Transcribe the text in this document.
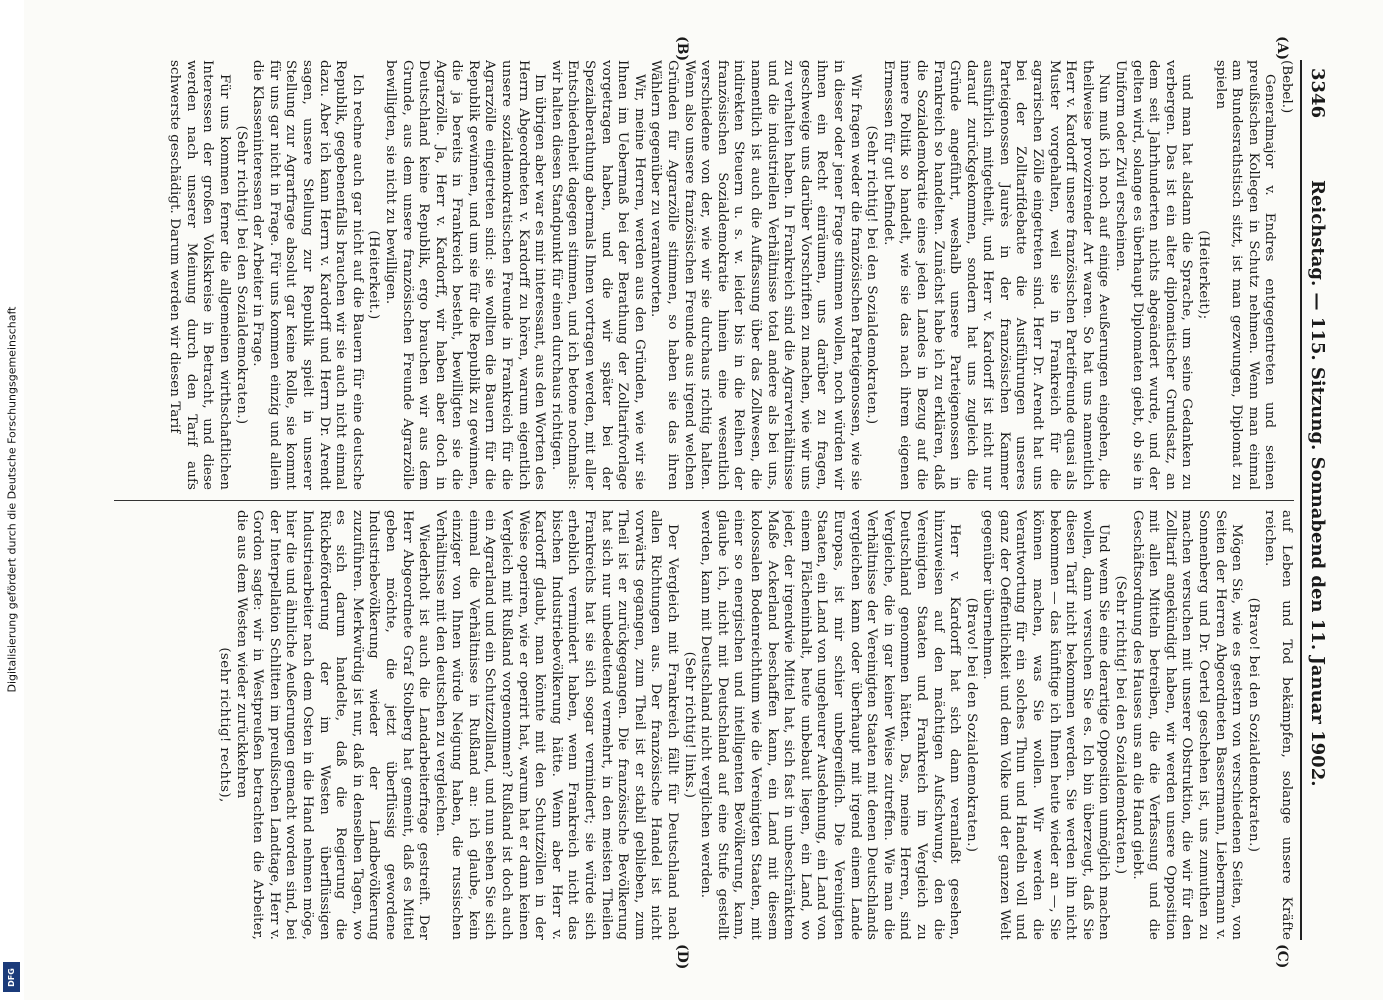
Digitalisierung gefördert durch die Deutsche Forschungsgemeinschaft
DFG
3346
Reichstag. — 115. Sitzung. Sonnabend den 11. Januar 1902.
(A)
(B)
(C)
(D)
(Bebel.)

Generalmajor v. Endres entgegentreten und seinen preußischen Kollegen in Schutz nehmen. Wenn man einmal am Bundesrathstisch sitzt, ist man gezwungen, Diplomat zu spielen

(Heiterkeit);

und man hat alsdann die Sprache, um seine Gedanken zu verbergen. Das ist ein alter diplomatischer Grundsatz, an dem seit Jahrhunderten nichts abgeändert wurde, und der gelten wird, solange es überhaupt Diplomaten giebt, ob sie in Uniform oder Zivil erscheinen.

Nun muß ich noch auf einige Aeußerungen eingehen, die theilweise provozirender Art waren. So hat uns namentlich Herr v. Kardorff unsere französischen Parteifreunde quasi als Muster vorgehalten, weil sie in Frankreich für die agrarischen Zölle eingetreten sind. Herr Dr. Arendt hat uns bei der Zolltarifdebatte die Ausführungen unseres Parteigenossen Jaurès in der französischen Kammer ausführlich mitgetheilt, und Herr v. Kardorff ist nicht nur darauf zurückgekommen, sondern hat uns zugleich die Gründe angeführt, weshalb unsere Parteigenossen in Frankreich so handelten. Zunächst habe ich zu erklären, daß die Sozialdemokratie eines jeden Landes in Bezug auf die innere Politik so handelt, wie sie das nach ihrem eigenen Ermessen für gut befindet.

(Sehr richtig! bei den Sozialdemokraten.)

Wir fragen weder die französischen Parteigenossen, wie sie in dieser oder jener Frage stimmen wollen, noch würden wir ihnen ein Recht einräumen, uns darüber zu fragen, geschweige uns darüber Vorschriften zu machen, wie wir uns zu verhalten haben. In Frankreich sind die Agrarverhältnisse und die industriellen Verhältnisse total andere als bei uns, namentlich ist auch die Auffassung über das Zollwesen, die indirekten Steuern u. s. w. leider bis in die Reihen der französischen Sozialdemokratie hinein eine wesentlich verschiedene von der, wie wir sie durchaus richtig halten. Wenn also unsere französischen Freunde aus irgend welchen Gründen für Agrarzölle stimmen, so haben sie das ihren Wählern gegenüber zu verantworten.

Wir, meine Herren, werden aus den Gründen, wie wir sie Ihnen im Uebermaß bei der Berathung der Zolltarifvorlage vorgetragen haben, und die wir später bei der Spezialberathung abermals Ihnen vortragen werden, mit aller Entschiedenheit dagegen stimmen, und ich betone nochmals: wir halten diesen Standpunkt für einen durchaus richtigen.

Im übrigen aber war es mir interessant, aus den Worten des Herrn Abgeordneten v. Kardorff zu hören, warum eigentlich unsere sozialdemokratischen Freunde in Frankreich für die Agrarzölle eingetreten sind: sie wollten die Bauern für die Republik gewinnen, und um sie für die Republik zu gewinnen, die ja bereits in Frankreich besteht, bewilligten sie die Agrarzölle. Ja, Herr v. Kardorff, wir haben aber doch in Deutschland keine Republik, ergo brauchen wir aus dem Grunde, aus dem unsere französischen Freunde Agrarzölle bewilligten, sie nicht zu bewilligen.

(Heiterkeit.)

Ich rechne auch gar nicht auf die Bauern für eine deutsche Republik, gegebenenfalls brauchen wir sie auch nicht einmal dazu. Aber ich kann Herrn v. Kardorff und Herrn Dr. Arendt sagen, unsere Stellung zur Republik spielt in unserer Stellung zur Agrarfrage absolut gar keine Rolle, sie kommt für uns gar nicht in Frage. Für uns kommen einzig und allein die Klasseninteressen der Arbeiter in Frage.

(Sehr richtig! bei den Sozialdemokraten.)

Für uns kommen ferner die allgemeinen wirthschaftlichen Interessen der großen Volkskreise in Betracht, und diese werden nach unserer Meinung durch den Tarif aufs schwerste geschädigt. Darum werden wir diesen Tarif

auf Leben und Tod bekämpfen, solange unsere Kräfte reichen.

(Bravo! bei den Sozialdemokraten.)

Mögen Sie, wie es gestern von verschiedenen Seiten, von Seiten der Herren Abgeordneten Bassermann, Liebermann v. Sonnenberg und Dr. Oertel geschehen ist, uns zumuthen zu machen versuchen mit unserer Obstruktion, die wir für den Zolltarif angekündigt haben, wir werden unsere Opposition mit allen Mitteln betreiben, die die Verfassung und die Geschäftsordnung des Hauses uns an die Hand giebt.

(Sehr richtig! bei den Sozialdemokraten.)

Und wenn Sie eine derartige Opposition unmöglich machen wollen, dann versuchen Sie es. Ich bin überzeugt, daß Sie diesen Tarif nicht bekommen werden. Sie werden ihn nicht bekommen — das künftige ich Ihnen heute wieder an —, Sie können machen, was Sie wollen. Wir werden die Verantwortung für ein solches Thun und Handeln voll und ganz der Oeffentlichkeit und dem Volke und der ganzen Welt gegenüber übernehmen.

(Bravo! bei den Sozialdemokraten.)

Herr v. Kardorff hat sich dann veranlaßt gesehen, hinzuweisen auf den mächtigen Aufschwung, den die Vereinigten Staaten und Frankreich im Vergleich zu Deutschland genommen hätten. Das, meine Herren, sind Vergleiche, die in gar keiner Weise zutreffen. Wie man die Verhältnisse der Vereinigten Staaten mit denen Deutschlands vergleichen kann oder überhaupt mit irgend einem Lande Europas, ist mir schier unbegreiflich. Die Vereinigten Staaten, ein Land von ungeheurer Ausdehnung, ein Land von einem Flächeninhalt, heute unbebaut liegen, ein Land, wo jeder, der irgendwie Mittel hat, sich fast in unbeschränktem Maße Ackerland beschaffen kann, ein Land mit diesem kolossalen Bodenreichthum wie die Vereinigten Staaten, mit einer so energischen und intelligenten Bevölkerung, kann, glaube ich, nicht mit Deutschland auf eine Stufe gestellt werden, kann mit Deutschland nicht verglichen werden.

(Sehr richtig! links.)

Der Vergleich mit Frankreich fällt für Deutschland nach allen Richtungen aus. Der französische Handel ist nicht vorwärts gegangen, zum Theil ist er stabil geblieben, zum Theil ist er zurückgegangen. Die französische Bevölkerung hat sich nur unbedeutend vermehrt, in den meisten Theilen Frankreichs hat sie sich sogar vermindert; sie würde sich erheblich vermindert haben, wenn Frankreich nicht das bischen Industriebevölkerung hätte. Wenn aber Herr v. Kardorff glaubt, man könnte mit den Schutzzöllen in der Weise operiren, wie er operirt hat, warum hat er dann keinen Vergleich mit Rußland vorgenommen? Rußland ist doch auch ein Agrarland und ein Schutzzollland, und nun sehen Sie sich einmal die Verhältnisse in Rußland an: ich glaube, kein einziger von Ihnen würde Neigung haben, die russischen Verhältnisse mit den deutschen zu vergleichen.

Wiederholt ist auch die Landarbeiterfrage gestreift. Der Herr Abgeordnete Graf Stolberg hat gemeint, daß es Mittel geben möchte, die jetzt überflüssig gewordene Industriebevölkerung wieder der Landbevölkerung zuzuführen. Merkwürdig ist nur, daß in denselben Tagen, wo es sich darum handelte, daß die Regierung die Rückbeförderung der im Westen überflüssigen Industriearbeiter nach dem Osten in die Hand nehmen möge, hier die und ähnliche Aeußerungen gemacht worden sind, bei der Interpellation Schlitten im preußischen Landtage, Herr v. Gordon sagte: wir in Westpreußen betrachten die Arbeiter, die aus dem Westen wieder zurückkehren

(sehr richtig! rechts),
